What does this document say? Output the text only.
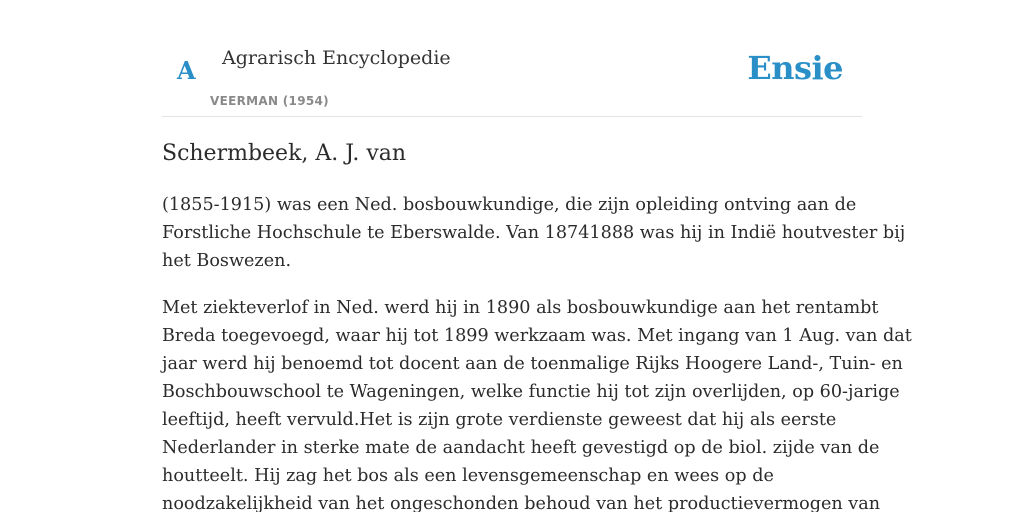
A Agrarisch Encyclopedie
VEERMAN (1954)
Ensie
Schermbeek, A. J. van

(1855-1915) was een Ned. bosbouwkundige, die zijn opleiding ontving aan de
Forstliche Hochschule te Eberswalde. Van 18741888 was hij in Indië houtvester bij
het Boswezen.

Met ziekteverlof in Ned. werd hij in 1890 als bosbouwkundige aan het rentambt
Breda toegevoegd, waar hij tot 1899 werkzaam was. Met ingang van 1 Aug. van dat
jaar werd hij benoemd tot docent aan de toenmalige Rijks Hoogere Land-, Tuin- en
Boschbouwschool te Wageningen, welke functie hij tot zijn overlijden, op 60-jarige
leeftijd, heeft vervuld.Het is zijn grote verdienste geweest dat hij als eerste
Nederlander in sterke mate de aandacht heeft gevestigd op de biol. zijde van de
houtteelt. Hij zag het bos als een levensgemeenschap en wees op de
noodzakelijkheid van het ongeschonden behoud van het productievermogen van
